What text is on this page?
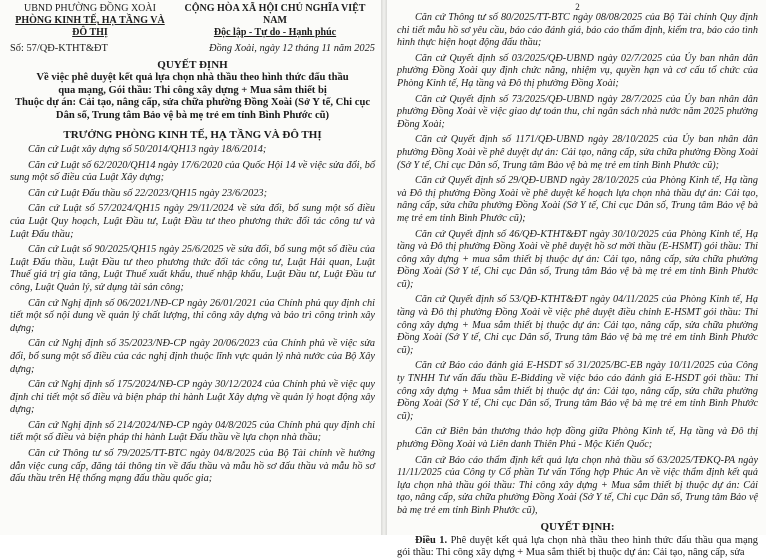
UBND PHƯỜNG ĐỒNG XOÀI
PHÒNG KINH TẾ, HẠ TẦNG VÀ ĐÔ THỊ
CỘNG HÒA XÃ HỘI CHỦ NGHĨA VIỆT NAM
Độc lập - Tự do - Hạnh phúc
Số: 57/QĐ-KTHT&ĐT	Đồng Xoài, ngày 12 tháng 11 năm 2025
QUYẾT ĐỊNH
Về việc phê duyệt kết quả lựa chọn nhà thầu theo hình thức đấu thầu
qua mạng, Gói thầu: Thi công xây dựng + Mua sắm thiết bị
Thuộc dự án: Cải tạo, nâng cấp, sửa chữa phường Đồng Xoài (Sở Y tế, Chi cục
Dân số, Trung tâm Bảo vệ bà mẹ trẻ em tỉnh Bình Phước cũ)
TRƯỞNG PHÒNG KINH TẾ, HẠ TẦNG VÀ ĐÔ THỊ

Căn cứ Luật xây dựng số 50/2014/QH13 ngày 18/6/2014;

Căn cứ Luật số 62/2020/QH14 ngày 17/6/2020 của Quốc Hội 14 về việc sửa đổi, bổ sung một số điều của Luật Xây dựng;

Căn cứ Luật Đấu thầu số 22/2023/QH15 ngày 23/6/2023;

Căn cứ Luật số 57/2024/QH15 ngày 29/11/2024 về sửa đổi, bổ sung một số điều của Luật Quy hoạch, Luật Đầu tư, Luật Đầu tư theo phương thức đối tác công tư và Luật Đấu thầu;

Căn cứ Luật số 90/2025/QH15 ngày 25/6/2025 về sửa đổi, bổ sung một số điều của Luật Đấu thầu, Luật Đầu tư theo phương thức đối tác công tư, Luật Hải quan, Luật Thuế giá trị gia tăng, Luật Thuế xuất khẩu, thuế nhập khẩu, Luật Đầu tư, Luật Đầu tư công, Luật Quản lý, sử dụng tài sản công;

Căn cứ Nghị định số 06/2021/NĐ-CP ngày 26/01/2021 của Chính phủ quy định chi tiết một số nội dung về quản lý chất lượng, thi công xây dựng và bảo trì công trình xây dựng;

Căn cứ Nghị định số 35/2023/NĐ-CP ngày 20/06/2023 của Chính phủ về việc sửa đổi, bổ sung một số điều của các nghị định thuộc lĩnh vực quản lý nhà nước của Bộ Xây dựng;

Căn cứ Nghị định số 175/2024/NĐ-CP ngày 30/12/2024 của Chính phủ về việc quy định chi tiết một số điều và biện pháp thi hành Luật Xây dựng về quản lý hoạt động xây dựng;

Căn cứ Nghị định số 214/2024/NĐ-CP ngày 04/8/2025 của Chính phủ quy định chi tiết một số điều và biện pháp thi hành Luật Đấu thầu về lựa chọn nhà thầu;

Căn cứ Thông tư số 79/2025/TT-BTC ngày 04/8/2025 của Bộ Tài chính về hướng dẫn việc cung cấp, đăng tải thông tin về đấu thầu và mẫu hồ sơ đấu thầu và mẫu hồ sơ đấu thầu trên Hệ thống mạng đấu thầu quốc gia;

2

Căn cứ Thông tư số 80/2025/TT-BTC ngày 08/08/2025 của Bộ Tài chính Quy định chi tiết mẫu hồ sơ yêu cầu, báo cáo đánh giá, báo cáo thẩm định, kiểm tra, báo cáo tình hình thực hiện hoạt động đấu thầu;

Căn cứ Quyết định số 03/2025/QĐ-UBND ngày 02/7/2025 của Ủy ban nhân dân phường Đồng Xoài quy định chức năng, nhiệm vụ, quyền hạn và cơ cấu tổ chức của Phòng Kinh tế, Hạ tầng và Đô thị phường Đồng Xoài;

Căn cứ Quyết định số 73/2025/QĐ-UBND ngày 28/7/2025 của Ủy ban nhân dân phường Đồng Xoài về việc giao dự toán thu, chi ngân sách nhà nước năm 2025 phường Đồng Xoài;

Căn cứ Quyết định số 1171/QĐ-UBND ngày 28/10/2025 của Ủy ban nhân dân phường Đồng Xoài về phê duyệt dự án: Cải tạo, nâng cấp, sửa chữa phường Đồng Xoài (Sở Y tế, Chi cục Dân số, Trung tâm Bảo vệ bà mẹ trẻ em tỉnh Bình Phước cũ);

Căn cứ Quyết định số 29/QĐ-UBND ngày 28/10/2025 của Phòng Kinh tế, Hạ tầng và Đô thị phường Đồng Xoài về phê duyệt kế hoạch lựa chọn nhà thầu dự án: Cải tạo, nâng cấp, sửa chữa phường Đồng Xoài (Sở Y tế, Chi cục Dân số, Trung tâm Bảo vệ bà mẹ trẻ em tỉnh Bình Phước cũ);

Căn cứ Quyết định số 46/QĐ-KTHT&ĐT ngày 30/10/2025 của Phòng Kinh tế, Hạ tầng và Đô thị phường Đồng Xoài về phê duyệt hồ sơ mời thầu (E-HSMT) gói thầu: Thi công xây dựng + mua sắm thiết bị thuộc dự án: Cải tạo, nâng cấp, sửa chữa phường Đồng Xoài (Sở Y tế, Chi cục Dân số, Trung tâm Bảo vệ bà mẹ trẻ em tỉnh Bình Phước cũ);

Căn cứ Quyết định số 53/QĐ-KTHT&ĐT ngày 04/11/2025 của Phòng Kinh tế, Hạ tầng và Đô thị phường Đồng Xoài về việc phê duyệt điều chỉnh E-HSMT gói thầu: Thi công xây dựng + Mua sắm thiết bị thuộc dự án: Cải tạo, nâng cấp, sửa chữa phường Đồng Xoài (Sở Y tế, Chi cục Dân số, Trung tâm Bảo vệ bà mẹ trẻ em tỉnh Bình Phước cũ);

Căn cứ Báo cáo đánh giá E-HSDT số 31/2025/BC-EB ngày 10/11/2025 của Công ty TNHH Tư vấn đấu thầu E-Bidding về việc báo cáo đánh giá E-HSDT gói thầu: Thi công xây dựng + Mua sắm thiết bị thuộc dự án: Cải tạo, nâng cấp, sửa chữa phường Đồng Xoài (Sở Y tế, Chi cục Dân số, Trung tâm Bảo vệ bà mẹ trẻ em tỉnh Bình Phước cũ);

Căn cứ Biên bản thương thảo hợp đồng giữa Phòng Kinh tế, Hạ tầng và Đô thị phường Đồng Xoài và Liên danh Thiên Phú - Mộc Kiến Quốc;

Căn cứ Báo cáo thẩm định kết quả lựa chọn nhà thầu số 63/2025/TĐKQ-PA ngày 11/11/2025 của Công ty Cổ phần Tư vấn Tổng hợp Phúc An về việc thẩm định kết quả lựa chọn nhà thầu gói thầu: Thi công xây dựng + Mua sắm thiết bị thuộc dự án: Cải tạo, nâng cấp, sửa chữa phường Đồng Xoài (Sở Y tế, Chi cục Dân số, Trung tâm Bảo vệ bà mẹ trẻ em tỉnh Bình Phước cũ),

QUYẾT ĐỊNH:

Điều 1. Phê duyệt kết quả lựa chọn nhà thầu theo hình thức đấu thầu qua mạng gói thầu: Thi công xây dựng + Mua sắm thiết bị thuộc dự án: Cải tạo, nâng cấp, sửa
